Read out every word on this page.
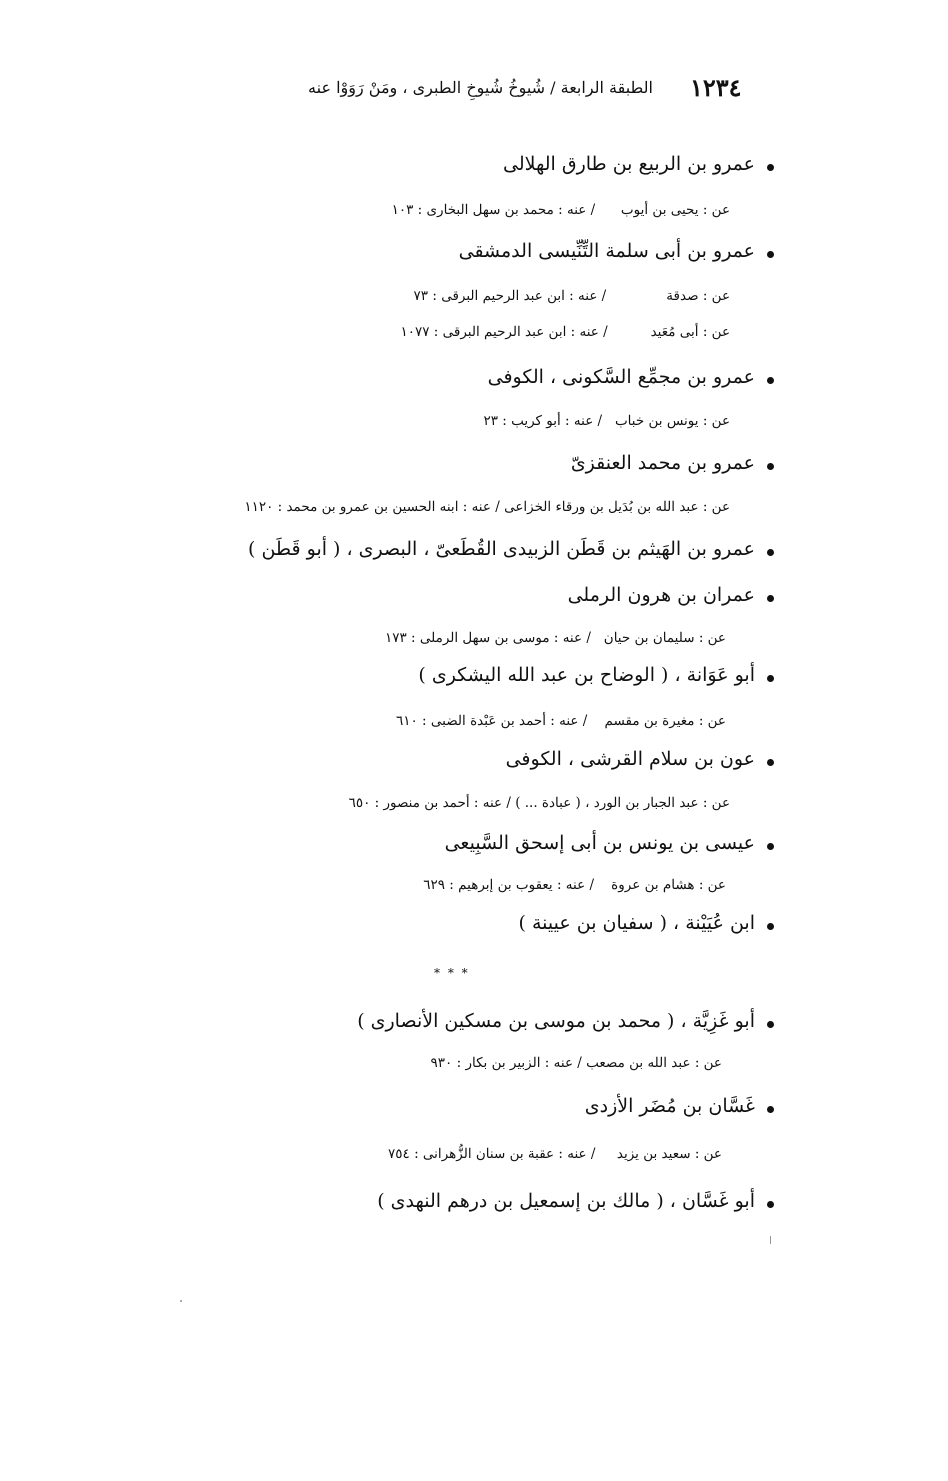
الطبقة الرابعة / شُيوخُ شُيوخِ الطبرى ، ومَنْ رَوَوْا عنه ١٢٣٤
عمرو بن الربيع بن طارق الهلالى
عن : يحيى بن أيوب      / عنه : محمد بن سهل البخارى : ١٠٣
عمرو بن أبى سلمة التِّنِّيسى الدمشقى
عن : صدقة              / عنه : ابن عبد الرحيم البرقى : ٧٣
عن : أبى مُعَيد          / عنه : ابن عبد الرحيم البرقى : ١٠٧٧
عمرو بن مجمِّع السَّكونى ، الكوفى
عن : يونس بن خباب   / عنه : أبو كريب : ٢٣
عمرو بن محمد العنقزىّ
عن : عبد الله بن بُدَيل بن ورقاء الخزاعى / عنه : ابنه الحسين بن عمرو بن محمد : ١١٢٠
عمرو بن الهَيثم بن قَطَن الزبيدى القُطَعىّ ، البصرى ، ( أبو قَطَن )
عمران بن هرون الرملى
عن : سليمان بن حيان   / عنه : موسى بن سهل الرملى : ١٧٣
أبو عَوَانة ، ( الوضاح بن عبد الله اليشكرى )
عن : مغيرة بن مقسم    / عنه : أحمد بن عَبْدة الضبى : ٦١٠
عون بن سلام القرشى ، الكوفى
عن : عبد الجبار بن الورد ، ( عبادة ... ) / عنه : أحمد بن منصور : ٦٥٠
عيسى بن يونس بن أبى إسحق السَّبِيعى
عن : هشام بن عروة    / عنه : يعقوب بن إبرهيم : ٦٢٩
ابن عُيَيْنة ، ( سفيان بن عيينة )
أبو غَزِيَّة ، ( محمد بن موسى بن مسكين الأنصارى )
عن : عبد الله بن مصعب / عنه : الزبير بن بكار : ٩٣٠
غَسَّان بن مُضَر الأزدى
عن : سعيد بن يزيد     / عنه : عقبة بن سنان الزُّهرانى : ٧٥٤
أبو غَسَّان ، ( مالك بن إسمعيل بن درهم النهدى )
* * *
